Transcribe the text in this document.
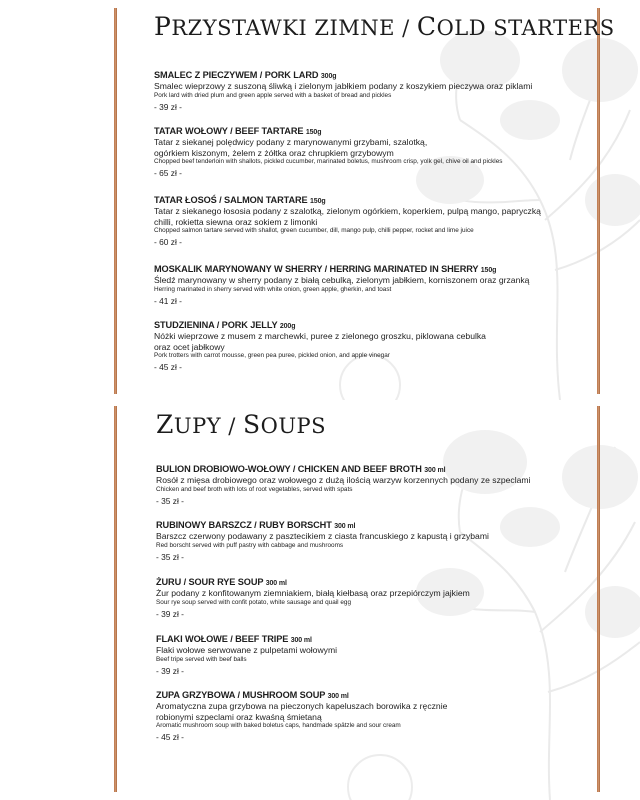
PRZYSTAWKI ZIMNE / COLD STARTERS

SMALEC Z PIECZYWEM / PORK LARD 300g

Smalec wieprzowy z suszoną śliwką i zielonym jabłkiem podany z koszykiem pieczywa oraz piklami

Pork lard with dried plum and green apple served with a basket of bread and pickles

- 39 zł -

TATAR WOŁOWY / BEEF TARTARE 150g

Tatar z siekanej polędwicy podany z marynowanymi grzybami, szalotką, ogórkiem kiszonym, żelem z żółtka oraz chrupkiem grzybowym

Chopped beef tenderloin with shallots, pickled cucumber, marinated boletus, mushroom crisp, yolk gel, chive oil and pickles

- 65 zł -

TATAR ŁOSOŚ / SALMON TARTARE 150g

Tatar z siekanego łososia podany z szalotką, zielonym ogórkiem, koperkiem, pulpą mango, papryczką chilli, rokietta siewna oraz sokiem z limonki

Chopped salmon tartare served with shallot, green cucumber, dill, mango pulp, chilli pepper, rocket and lime juice

- 60 zł -

MOSKALIK MARYNOWANY W SHERRY / HERRING MARINATED IN SHERRY 150g

Śledź marynowany w sherry podany z białą cebulką, zielonym jabłkiem, korniszonem oraz grzanką

Herring marinated in sherry served with white onion, green apple, gherkin, and toast

- 41 zł -

STUDZIENINA / PORK JELLY 200g

Nóżki wieprzowe z musem z marchewki, puree z zielonego groszku, piklowana cebulka oraz ocet jabłkowy

Pork trotters with carrot mousse, green pea puree, pickled onion, and apple vinegar

- 45 zł -

ZUPY / SOUPS

BULION DROBIOWO-WOŁOWY / CHICKEN AND BEEF BROTH 300 ml

Rosół z mięsa drobiowego oraz wołowego z dużą ilością warzyw korzennych podany ze szpeclami

Chicken and beef broth with lots of root vegetables, served with spats

- 35 zł -

RUBINOWY BARSZCZ / RUBY BORSCHT 300 ml

Barszcz czerwony podawany z pasztecikiem z ciasta francuskiego z kapustą i grzybami

Red borscht served with puff pastry with cabbage and mushrooms

- 35 zł -

ŻURU / SOUR RYE SOUP 300 ml

Żur podany z konfitowanym ziemniakiem, białą kiełbasą oraz przepiórczym jajkiem

Sour rye soup served with confit potato, white sausage and quail egg

- 39 zł -

FLAKI WOŁOWE / BEEF TRIPE 300 ml

Flaki wołowe serwowane z pulpetami wołowymi

Beef tripe served with beef balls

- 39 zł -

ZUPA GRZYBOWA / MUSHROOM SOUP 300 ml

Aromatyczna zupa grzybowa na pieczonych kapeluszach borowika z ręcznie robionymi szpeclami oraz kwaśną śmietaną

Aromatic mushroom soup with baked boletus caps, handmade spätzle and sour cream

- 45 zł -
